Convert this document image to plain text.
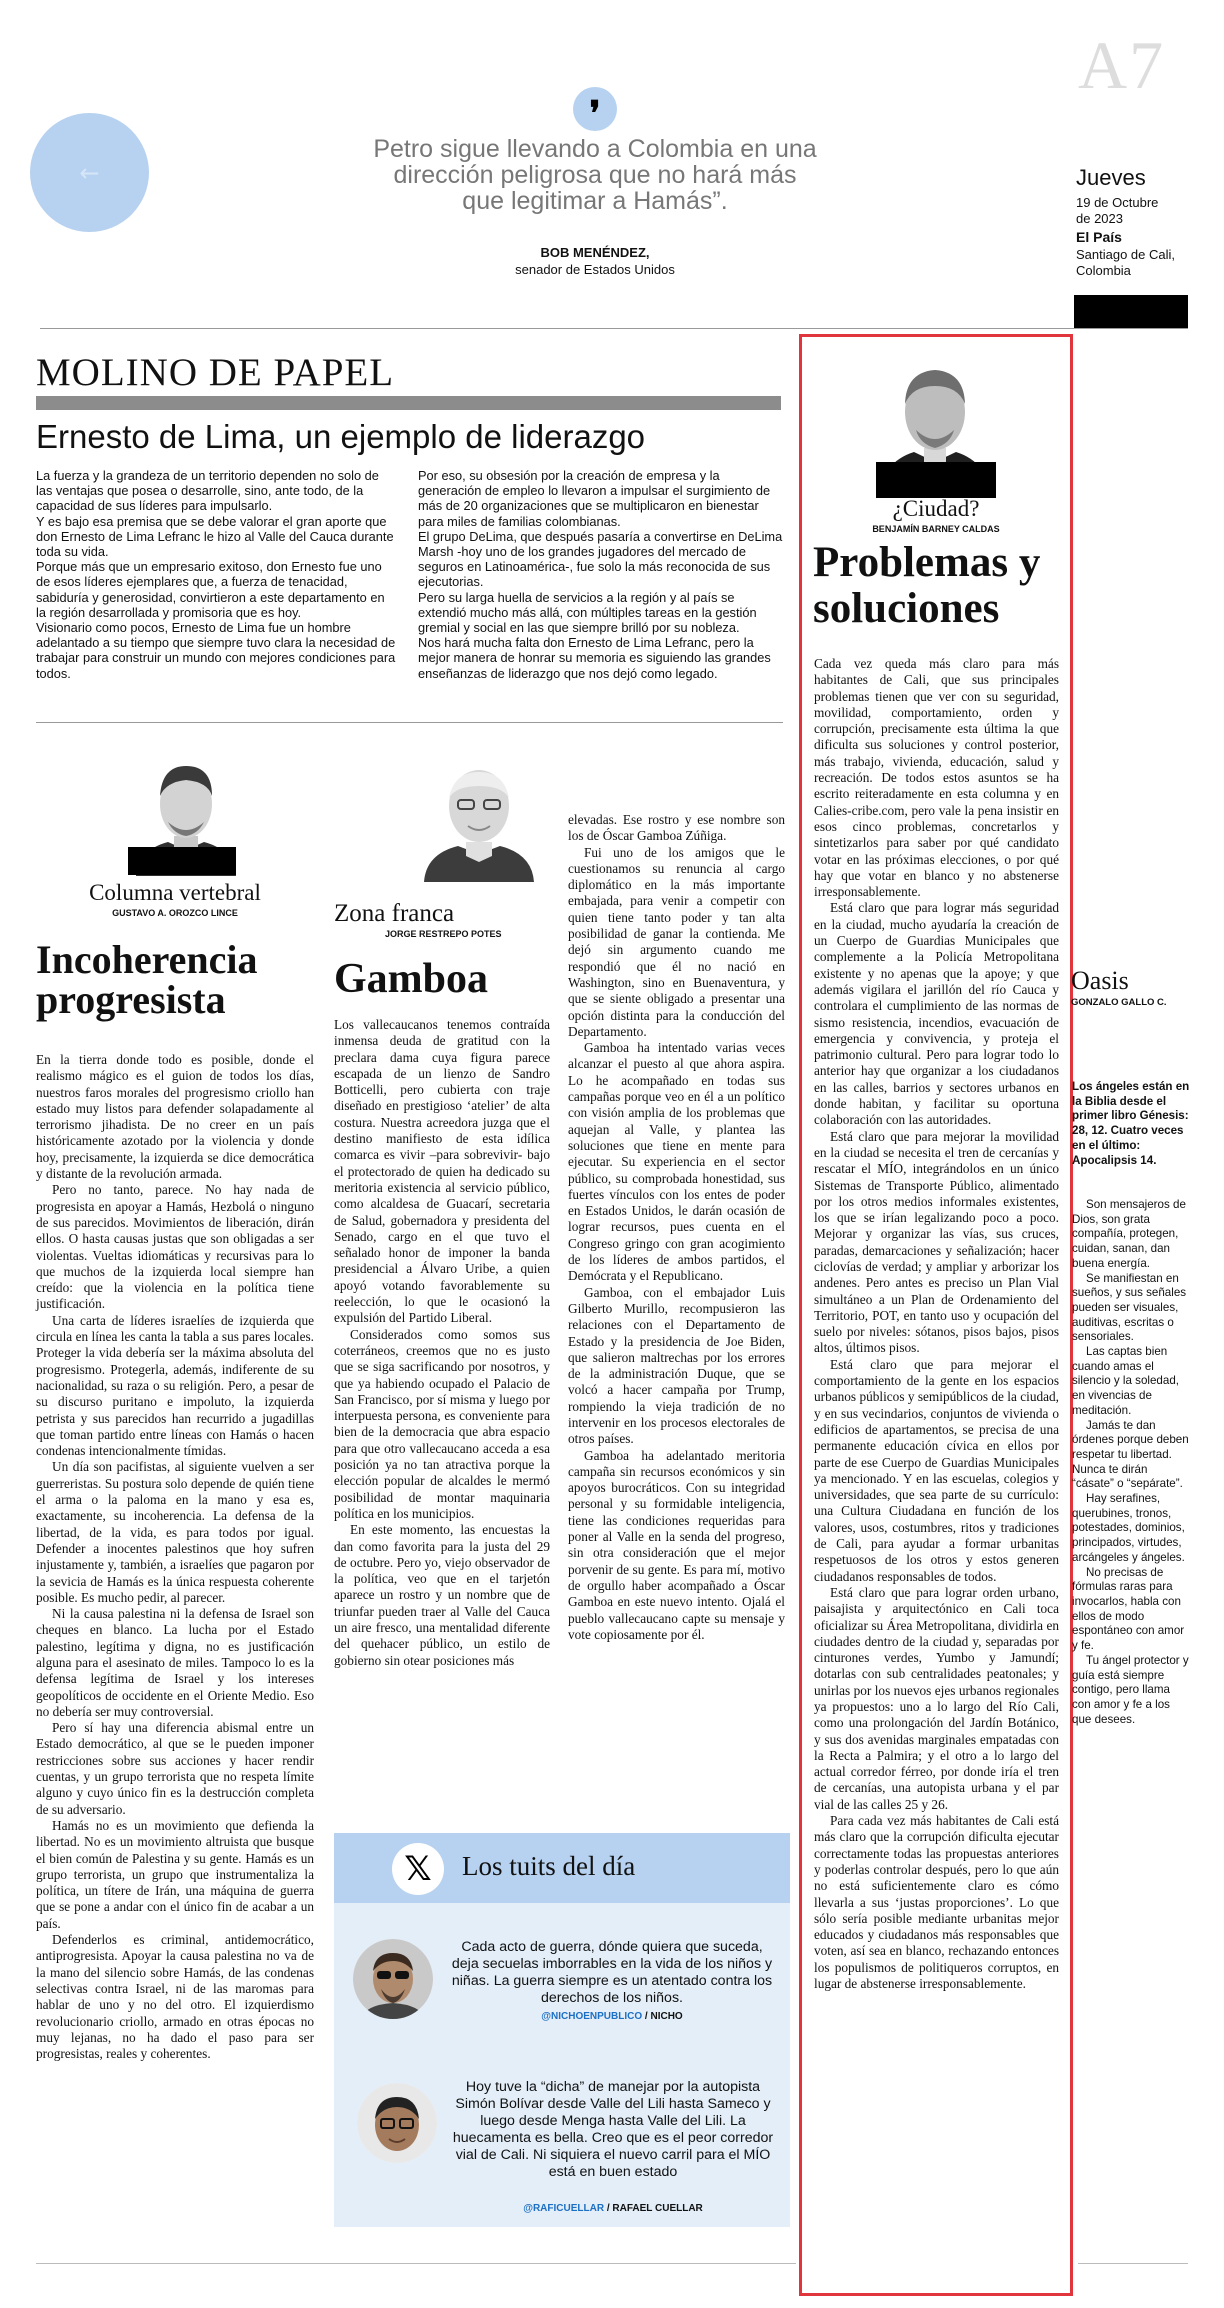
←
❜
Petro sigue llevando a Colombia en una dirección peligrosa que no hará más que legitimar a Hamás”.
BOB MENÉNDEZ,
senador de Estados Unidos
A7
Jueves
19 de Octubre
de 2023
El País
Santiago de Cali,
Colombia
MOLINO DE PAPEL
Ernesto de Lima, un ejemplo de liderazgo
La fuerza y la grandeza de un territorio dependen no solo de las ventajas que posea o desarrolle, sino, ante todo, de la capacidad de sus líderes para impulsarlo.
Y es bajo esa premisa que se debe valorar el gran aporte que don Ernesto de Lima Lefranc le hizo al Valle del Cauca durante toda su vida.
Porque más que un empresario exitoso, don Ernesto fue uno de esos líderes ejemplares que, a fuerza de tenacidad, sabiduría y generosidad, convirtieron a este departamento en la región desarrollada y promisoria que es hoy.
Visionario como pocos, Ernesto de Lima fue un hombre adelantado a su tiempo que siempre tuvo clara la necesidad de trabajar para construir un mundo con mejores condiciones para todos.
Por eso, su obsesión por la creación de empresa y la generación de empleo lo llevaron a impulsar el surgimiento de más de 20 organizaciones que se multiplicaron en bienestar para miles de familias colombianas.
El grupo DeLima, que después pasaría a convertirse en DeLima Marsh -hoy uno de los grandes jugadores del mercado de seguros en Latinoamérica-, fue solo la más reconocida de sus ejecutorias.
Pero su larga huella de servicios a la región y al país se extendió mucho más allá, con múltiples tareas en la gestión gremial y social en las que siempre brilló por su nobleza.
Nos hará mucha falta don Ernesto de Lima Lefranc, pero la mejor manera de honrar su memoria es siguiendo las grandes enseñanzas de liderazgo que nos dejó como legado.
Columna vertebral
GUSTAVO A. OROZCO LINCE
Incoherencia progresista

En la tierra donde todo es posible, donde el realismo mágico es el guion de todos los días, nuestros faros morales del progresismo criollo han estado muy listos para defender solapadamente al terrorismo jihadista. De no creer en un país históricamente azotado por la violencia y donde hoy, precisamente, la izquierda se dice democrática y distante de la revolución armada.

Pero no tanto, parece. No hay nada de progresista en apoyar a Hamás, Hezbolá o ninguno de sus parecidos. Movimientos de liberación, dirán ellos. O hasta causas justas que son obligadas a ser violentas. Vueltas idiomáticas y recursivas para lo que muchos de la izquierda local siempre han creído: que la violencia en la política tiene justificación.

Una carta de líderes israelíes de izquierda que circula en línea les canta la tabla a sus pares locales. Proteger la vida debería ser la máxima absoluta del progresismo. Protegerla, además, indiferente de su nacionalidad, su raza o su religión. Pero, a pesar de su discurso puritano e impoluto, la izquierda petrista y sus parecidos han recurrido a jugadillas que toman partido entre líneas con Hamás o hacen condenas intencionalmente tímidas.

Un día son pacifistas, al siguiente vuelven a ser guerreristas. Su postura solo depende de quién tiene el arma o la paloma en la mano y esa es, exactamente, su incoherencia. La defensa de la libertad, de la vida, es para todos por igual. Defender a inocentes palestinos que hoy sufren injustamente y, también, a israelíes que pagaron por la sevicia de Hamás es la única respuesta coherente posible. Es mucho pedir, al parecer.

Ni la causa palestina ni la defensa de Israel son cheques en blanco. La lucha por el Estado palestino, legítima y digna, no es justificación alguna para el asesinato de miles. Tampoco lo es la defensa legítima de Israel y los intereses geopolíticos de occidente en el Oriente Medio. Eso no debería ser muy controversial.

Pero sí hay una diferencia abismal entre un Estado democrático, al que se le pueden imponer restricciones sobre sus acciones y hacer rendir cuentas, y un grupo terrorista que no respeta límite alguno y cuyo único fin es la destrucción completa de su adversario.

Hamás no es un movimiento que defienda la libertad. No es un movimiento altruista que busque el bien común de Palestina y su gente. Hamás es un grupo terrorista, un grupo que instrumentaliza la política, un títere de Irán, una máquina de guerra que se pone a andar con el único fin de acabar a un país.

Defenderlos es criminal, antidemocrático, antiprogresista. Apoyar la causa palestina no va de la mano del silencio sobre Hamás, de las condenas selectivas contra Israel, ni de las maromas para hablar de uno y no del otro. El izquierdismo revolucionario criollo, armado en otras épocas no muy lejanas, no ha dado el paso para ser progresistas, reales y coherentes.

Zona franca
JORGE RESTREPO POTES
Gamboa

Los vallecaucanos tenemos contraída inmensa deuda de gratitud con la preclara dama cuya figura parece escapada de un lienzo de Sandro Botticelli, pero cubierta con traje diseñado en prestigioso ‘atelier’ de alta costura. Nuestra acreedora juzga que el destino manifiesto de esta idílica comarca es vivir –para sobrevivir- bajo el protectorado de quien ha dedicado su meritoria existencia al servicio público, como alcaldesa de Guacarí, secretaria de Salud, gobernadora y presidenta del Senado, cargo en el que tuvo el señalado honor de imponer la banda presidencial a Álvaro Uribe, a quien apoyó votando favorablemente su reelección, lo que le ocasionó la expulsión del Partido Liberal.

Considerados como somos sus coterráneos, creemos que no es justo que se siga sacrificando por nosotros, y que ya habiendo ocupado el Palacio de San Francisco, por sí misma y luego por interpuesta persona, es conveniente para bien de la democracia que abra espacio para que otro vallecaucano acceda a esa posición ya no tan atractiva porque la elección popular de alcaldes le mermó posibilidad de montar maquinaria política en los municipios.

En este momento, las encuestas la dan como favorita para la justa del 29 de octubre. Pero yo, viejo observador de la política, veo que en el tarjetón aparece un rostro y un nombre que de triunfar pueden traer al Valle del Cauca un aire fresco, una mentalidad diferente del quehacer público, un estilo de gobierno sin otear posiciones más

elevadas. Ese rostro y ese nombre son los de Óscar Gamboa Zúñiga.

Fui uno de los amigos que le cuestionamos su renuncia al cargo diplomático en la más importante embajada, para venir a competir con quien tiene tanto poder y tan alta posibilidad de ganar la contienda. Me dejó sin argumento cuando me respondió que él no nació en Washington, sino en Buenaventura, y que se siente obligado a presentar una opción distinta para la conducción del Departamento.

Gamboa ha intentado varias veces alcanzar el puesto al que ahora aspira. Lo he acompañado en todas sus campañas porque veo en él a un político con visión amplia de los problemas que aquejan al Valle, y plantea las soluciones que tiene en mente para ejecutar. Su experiencia en el sector público, su comprobada honestidad, sus fuertes vínculos con los entes de poder en Estados Unidos, le darán ocasión de lograr recursos, pues cuenta en el Congreso gringo con gran acogimiento de los líderes de ambos partidos, el Demócrata y el Republicano.

Gamboa, con el embajador Luis Gilberto Murillo, recompusieron las relaciones con el Departamento de Estado y la presidencia de Joe Biden, que salieron maltrechas por los errores de la administración Duque, que se volcó a hacer campaña por Trump, rompiendo la vieja tradición de no intervenir en los procesos electorales de otros países.

Gamboa ha adelantado meritoria campaña sin recursos económicos y sin apoyos burocráticos. Con su integridad personal y su formidable inteligencia, tiene las condiciones requeridas para poner al Valle en la senda del progreso, sin otra consideración que el mejor porvenir de su gente. Es para mí, motivo de orgullo haber acompañado a Óscar Gamboa en este nuevo intento. Ojalá el pueblo vallecaucano capte su mensaje y vote copiosamente por él.

𝕏 Los tuits del día
Cada acto de guerra, dónde quiera que suceda, deja secuelas imborrables en la vida de los niños y niñas. La guerra siempre es un atentado contra los derechos de los niños.
@NICHOENPUBLICO / NICHO
Hoy tuve la “dicha” de manejar por la autopista Simón Bolívar desde Valle del Lili hasta Sameco y luego desde Menga hasta Valle del Lili. La huecamenta es bella. Creo que es el peor corredor vial de Cali. Ni siquiera el nuevo carril para el MÍO está en buen estado
@RAFICUELLAR / RAFAEL CUELLAR
¿Ciudad?
BENJAMÍN BARNEY CALDAS
Problemas y soluciones

Cada vez queda más claro para más habitantes de Cali, que sus principales problemas tienen que ver con su seguridad, movilidad, comportamiento, orden y corrupción, precisamente esta última la que dificulta sus soluciones y control posterior, más trabajo, vivienda, educación, salud y recreación. De todos estos asuntos se ha escrito reiteradamente en esta columna y en Calies-cribe.com, pero vale la pena insistir en esos cinco problemas, concretarlos y sintetizarlos para saber por qué candidato votar en las próximas elecciones, o por qué hay que votar en blanco y no abstenerse irresponsablemente.

Está claro que para lograr más seguridad en la ciudad, mucho ayudaría la creación de un Cuerpo de Guardias Municipales que complemente a la Policía Metropolitana existente y no apenas que la apoye; y que además vigilara el jarillón del río Cauca y controlara el cumplimiento de las normas de sismo resistencia, incendios, evacuación de emergencia y convivencia, y proteja el patrimonio cultural. Pero para lograr todo lo anterior hay que organizar a los ciudadanos en las calles, barrios y sectores urbanos en donde habitan, y facilitar su oportuna colaboración con las autoridades.

Está claro que para mejorar la movilidad en la ciudad se necesita el tren de cercanías y rescatar el MÍO, integrándolos en un único Sistemas de Transporte Público, alimentado por los otros medios informales existentes, los que se irían legalizando poco a poco. Mejorar y organizar las vías, sus cruces, paradas, demarcaciones y señalización; hacer ciclovías de verdad; y ampliar y arborizar los andenes. Pero antes es preciso un Plan Vial simultáneo a un Plan de Ordenamiento del Territorio, POT, en tanto uso y ocupación del suelo por niveles: sótanos, pisos bajos, pisos altos, últimos pisos.

Está claro que para mejorar el comportamiento de la gente en los espacios urbanos públicos y semipúblicos de la ciudad, y en sus vecindarios, conjuntos de vivienda o edificios de apartamentos, se precisa de una permanente educación cívica en ellos por parte de ese Cuerpo de Guardias Municipales ya mencionado. Y en las escuelas, colegios y universidades, que sea parte de su currículo: una Cultura Ciudadana en función de los valores, usos, costumbres, ritos y tradiciones de Cali, para ayudar a formar urbanitas respetuosos de los otros y estos generen ciudadanos responsables de todos.

Está claro que para lograr orden urbano, paisajista y arquitectónico en Cali toca oficializar su Área Metropolitana, dividirla en ciudades dentro de la ciudad y, separadas por cinturones verdes, Yumbo y Jamundí; dotarlas con sub centralidades peatonales; y unirlas por los nuevos ejes urbanos regionales ya propuestos: uno a lo largo del Río Cali, como una prolongación del Jardín Botánico, y sus dos avenidas marginales empatadas con la Recta a Palmira; y el otro a lo largo del actual corredor férreo, por donde iría el tren de cercanías, una autopista urbana y el par vial de las calles 25 y 26.

Para cada vez más habitantes de Cali está más claro que la corrupción dificulta ejecutar correctamente todas las propuestas anteriores y poderlas controlar después, pero lo que aún no está suficientemente claro es cómo llevarla a sus ‘justas proporciones’. Lo que sólo sería posible mediante urbanitas mejor educados y ciudadanos más responsables que voten, así sea en blanco, rechazando entonces los populismos de politiqueros corruptos, en lugar de abstenerse irresponsablemente.

Oasis
GONZALO GALLO C.
Los ángeles están en la Biblia desde el primer libro Génesis: 28, 12. Cuatro veces en el último: Apocalipsis 14.

Son mensajeros de Dios, son grata compañía, protegen, cuidan, sanan, dan buena energía.

Se manifiestan en sueños, y sus señales pueden ser visuales, auditivas, escritas o sensoriales.

Las captas bien cuando amas el silencio y la soledad, en vivencias de meditación.

Jamás te dan órdenes porque deben respetar tu libertad. Nunca te dirán “cásate” o “sepárate”.

Hay serafines, querubines, tronos, potestades, dominios, principados, virtudes, arcángeles y ángeles.

No precisas de fórmulas raras para invocarlos, habla con ellos de modo espontáneo con amor y fe.

Tu ángel protector y guía está siempre contigo, pero llama con amor y fe a los que desees.
